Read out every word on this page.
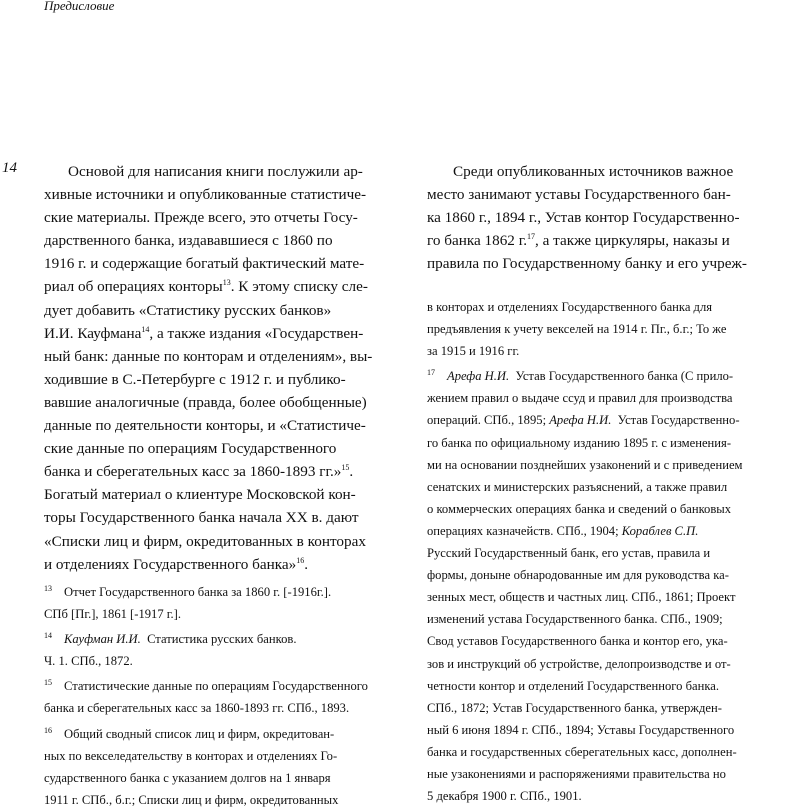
Предисловие
14	Основой для написания книги послужили ар-
хивные источники и опубликованные статистиче-
ские материалы. Прежде всего, это отчеты Госу-
дарственного банка, издававшиеся с 1860 по
1916 г. и содержащие богатый фактический мате-
риал об операциях конторы$^{13}$. К этому списку сле-
дует добавить «Статистику русских банков»
И.И. Кауфмана$^{14}$, а также издания «Государствен-
ный банк: данные по конторам и отделениям», вы-
ходившие в С.-Петербурге с 1912 г. и публико-
вавшие аналогичные (правда, более обобщенные)
данные по деятельности конторы, и «Статистиче-
ские данные по операциям Государственного
банка и сберегательных касс за 1860-1893 гг.»$^{15}$.
Богатый материал о клиентуре Московской кон-
торы Государственного банка начала XX в. дают
«Списки лиц и фирм, окредитованных в конторах
и отделениях Государственного банка»$^{16}$.
13 Отчет Государственного банка за 1860 г. [-1916г.].
СПб [Пг.], 1861 [-1917 г.].
14 Кауфман И.И. Статистика русских банков.
Ч. 1. СПб., 1872.
15 Статистические данные по операциям Государственного
банка и сберегательных касс за 1860-1893 гг. СПб., 1893.
16 Общий сводный список лиц и фирм, окредитован-
ных по векселедательству в конторах и отделениях Го-
сударственного банка с указанием долгов на 1 января
1911 г. СПб., б.г.; Списки лиц и фирм, окредитованных
Среди опубликованных источников важное
место занимают уставы Государственного бан-
ка 1860 г., 1894 г., Устав контор Государственно-
го банка 1862 г.$^{17}$, а также циркуляры, наказы и
правила по Государственному банку и его учреж-
в конторах и отделениях Государственного банка для
предъявления к учету векселей на 1914 г. Пг., б.г.; То же
за 1915 и 1916 гг.
17 Арефа Н.И. Устав Государственного банка (С прило-
жением правил о выдаче ссуд и правил для производства
операций. СПб., 1895; Арефа Н.И. Устав Государственно-
го банка по официальному изданию 1895 г. с изменения-
ми на основании позднейших узаконений и с приведением
сенатских и министерских разъяснений, а также правил
о коммерческих операциях банка и сведений о банковых
операциях казначейств. СПб., 1904; Кораблев С.П.
Русский Государственный банк, его устав, правила и
формы, доныне обнародованные им для руководства ка-
зенных мест, обществ и частных лиц. СПб., 1861; Проект
изменений устава Государственного банка. СПб., 1909;
Свод уставов Государственного банка и контор его, ука-
зов и инструкций об устройстве, делопроизводстве и от-
четности контор и отделений Государственного банка.
СПб., 1872; Устав Государственного банка, утвержден-
ный 6 июня 1894 г. СПб., 1894; Уставы Государственного
банка и государственных сберегательных касс, дополнен-
ные узаконениями и распоряжениями правительства но
5 декабря 1900 г. СПб., 1901.
